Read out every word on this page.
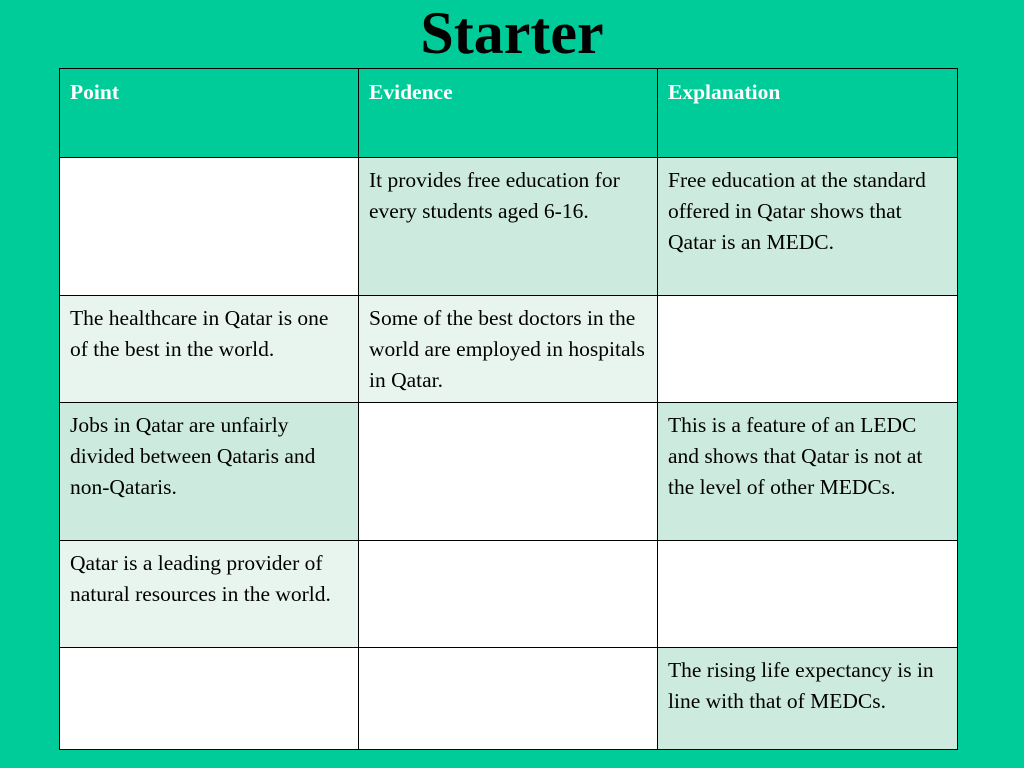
Starter
Point	Evidence	Explanation
	It provides free education for every students aged 6-16.	Free education at the standard offered in Qatar shows that Qatar is an MEDC.
The healthcare in Qatar is one of the best in the world.	Some of the best doctors in the world are employed in hospitals in Qatar.	
Jobs in Qatar are unfairly divided between Qataris and non-Qataris.		This is a feature of an LEDC and shows that Qatar is not at the level of other MEDCs.
Qatar is a leading provider of natural resources in the world.		
		The rising life expectancy is in line with that of MEDCs.
